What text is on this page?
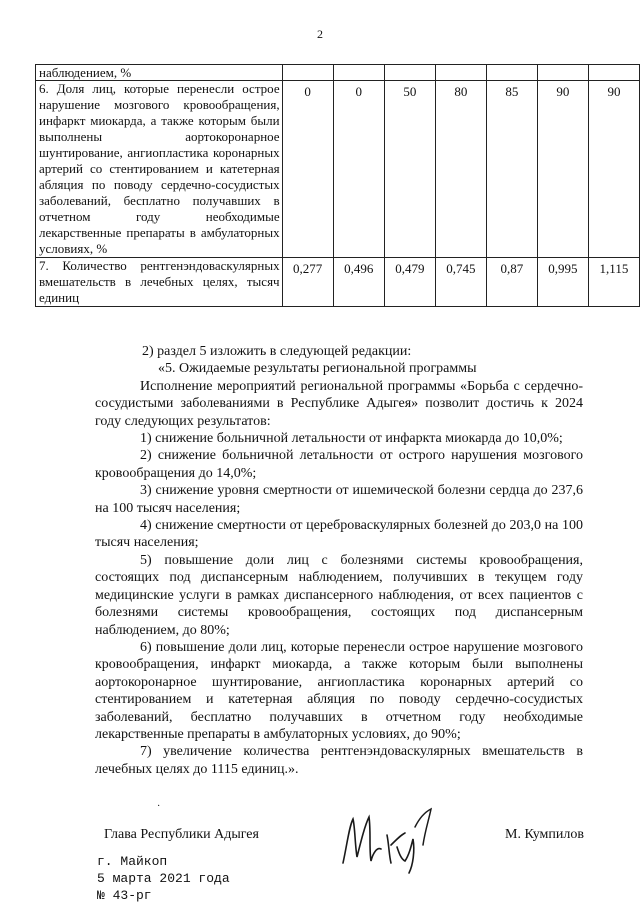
2
наблюдением, %							
6. Доля лиц, которые перенесли острое нарушение мозгового кровообращения, инфаркт миокарда, а также которым были выполнены аортокоронарное шунтирование, ангиопластика коронарных артерий со стентированием и катетерная абляция по поводу сердечно-сосудистых заболеваний, бесплатно получавших в отчетном году необходимые лекарственные препараты в амбулаторных условиях, %	0	0	50	80	85	90	90
7. Количество рентгенэндоваскулярных вмешательств в лечебных целях, тысяч единиц	0,277	0,496	0,479	0,745	0,87	0,995	1,115

2) раздел 5 изложить в следующей редакции:

«5. Ожидаемые результаты региональной программы

Исполнение мероприятий региональной программы «Борьба с сердечно-сосудистыми заболеваниями в Республике Адыгея» позволит достичь к 2024 году следующих результатов:

1) снижение больничной летальности от инфаркта миокарда до 10,0%;

2) снижение больничной летальности от острого нарушения мозгового кровообращения до 14,0%;

3) снижение уровня смертности от ишемической болезни сердца до 237,6 на 100 тысяч населения;

4) снижение смертности от цереброваскулярных болезней до 203,0 на 100 тысяч населения;

5) повышение доли лиц с болезнями системы кровообращения, состоящих под диспансерным наблюдением, получивших в текущем году медицинские услуги в рамках диспансерного наблюдения, от всех пациентов с болезнями системы кровообращения, состоящих под диспансерным наблюдением, до 80%;

6) повышение доли лиц, которые перенесли острое нарушение мозгового кровообращения, инфаркт миокарда, а также которым были выполнены аортокоронарное шунтирование, ангиопластика коронарных артерий со стентированием и катетерная абляция по поводу сердечно-сосудистых заболеваний, бесплатно получавших в отчетном году необходимые лекарственные препараты в амбулаторных условиях, до 90%;

7) увеличение количества рентгенэндоваскулярных вмешательств в лечебных целях до 1115 единиц.».

·
Глава Республики Адыгея	М. Кумпилов
г. Майкоп
5 марта 2021 года
№ 43-рг
